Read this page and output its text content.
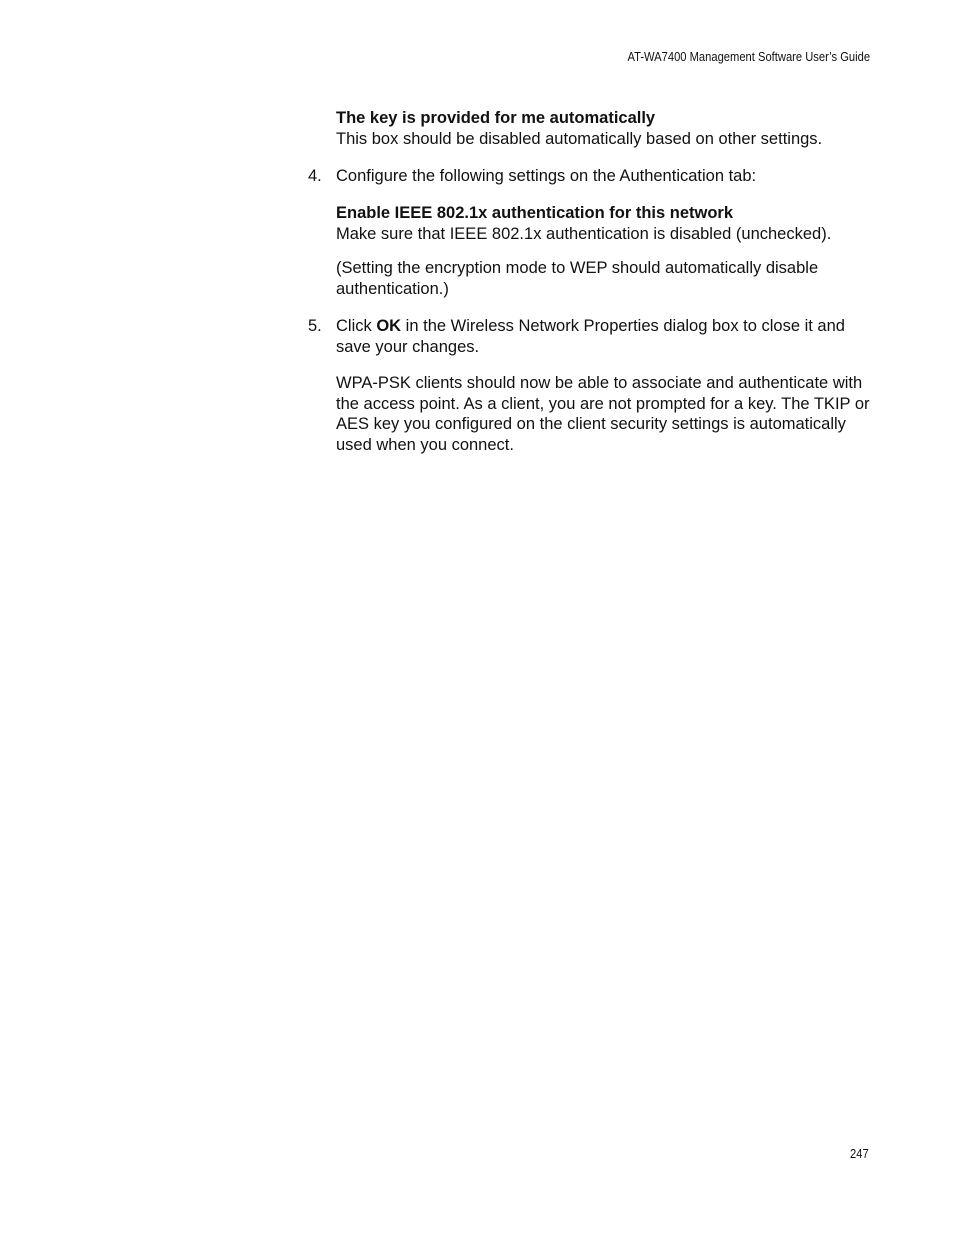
AT-WA7400 Management Software User’s Guide
The key is provided for me automatically
This box should be disabled automatically based on other settings.
4. Configure the following settings on the Authentication tab:
Enable IEEE 802.1x authentication for this network
Make sure that IEEE 802.1x authentication is disabled (unchecked).
(Setting the encryption mode to WEP should automatically disable authentication.)
5. Click OK in the Wireless Network Properties dialog box to close it and save your changes.
WPA-PSK clients should now be able to associate and authenticate with the access point. As a client, you are not prompted for a key. The TKIP or AES key you configured on the client security settings is automatically used when you connect.
247
